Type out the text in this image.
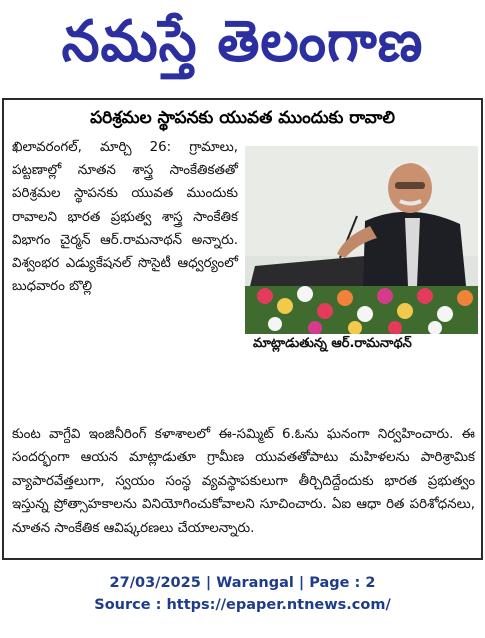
నమస్తే తెలంగాణ
పరిశ్రమల స్థాపనకు యువత ముందుకు రావాలి
ఖిలావరంగల్, మార్చి 26: గ్రామాలు, పట్టణాల్లో నూతన శాస్త్ర సాంకేతికతతో పరిశ్రమల స్థాపనకు యువత ముందుకు రావాలని భారత ప్రభుత్వ శాస్త్ర సాంకేతిక విభాగం చైర్మన్ ఆర్.రామనాథన్ అన్నారు. విశ్వంభర ఎడ్యుకేషనల్ సొసైటీ ఆధ్వర్యంలో బుధవారం బొల్లి
మాట్లాడుతున్న ఆర్.రామనాథన్
కుంట వాగ్దేవి ఇంజినీరింగ్ కళాశాలలో ఈ-సమ్మిట్ 6.ఓను ఘనంగా నిర్వహించారు. ఈ సందర్భంగా ఆయన మాట్లాడుతూ గ్రామీణ యువతతోపాటు మహిళలను పారిశ్రామిక వ్యాపారవేత్తలుగా, స్వయం సంస్థ వ్యవస్థాపకులుగా తీర్చిదిద్దేందుకు భారత ప్రభుత్వం ఇస్తున్న ప్రోత్సాహకాలను వినియోగించుకోవాలని సూచించారు. ఏఐ ఆధా రిత పరిశోధనలు, నూతన సాంకేతిక ఆవిష్కరణలు చేయాలన్నారు.
27/03/2025 | Warangal | Page : 2
Source : https://epaper.ntnews.com/
